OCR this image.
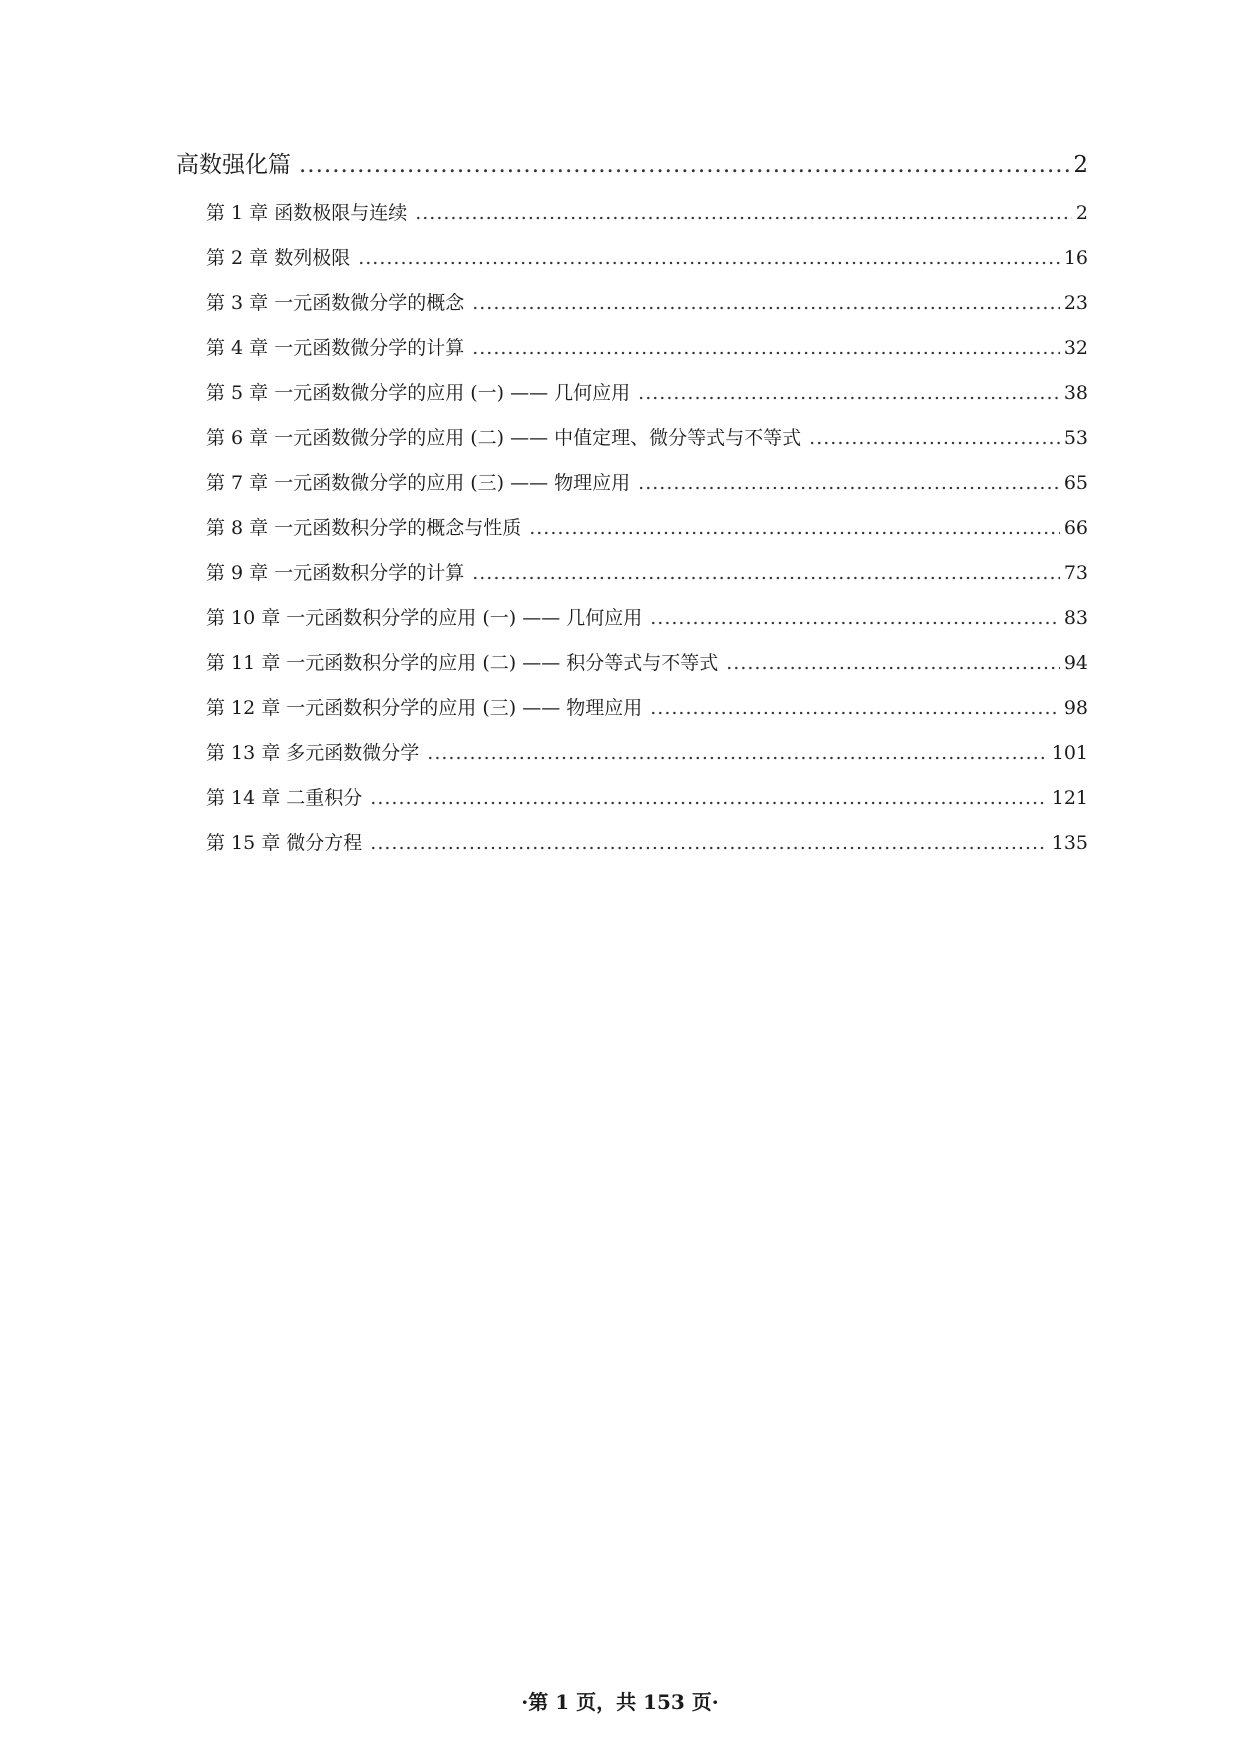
高数强化篇 .....	2
第 1 章 函数极限与连续 .....	2
第 2 章 数列极限 .....	16
第 3 章 一元函数微分学的概念 .....	23
第 4 章 一元函数微分学的计算 .....	32
第 5 章 一元函数微分学的应用 (一) —— 几何应用 .....	38
第 6 章 一元函数微分学的应用 (二) —— 中值定理、微分等式与不等式 .....	53
第 7 章 一元函数微分学的应用 (三) —— 物理应用 .....	65
第 8 章 一元函数积分学的概念与性质 .....	66
第 9 章 一元函数积分学的计算 .....	73
第 10 章 一元函数积分学的应用 (一) —— 几何应用 .....	83
第 11 章 一元函数积分学的应用 (二) —— 积分等式与不等式 .....	94
第 12 章 一元函数积分学的应用 (三) —— 物理应用 .....	98
第 13 章 多元函数微分学 .....	101
第 14 章 二重积分 .....	121
第 15 章 微分方程 .....	135
·第 1 页，共 153 页·
